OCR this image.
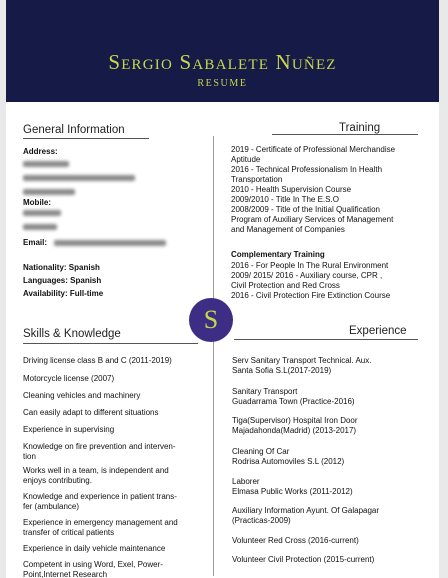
Sergio Sabalete Nuñez
RESUME
S
General Information
Address:
Mobile:
Email:
Nationality: Spanish
Languages: Spanish
Availability: Full-time
Training
2019 - Certificate of Professional Merchandise
Aptitude
2016 - Technical Professionalism In Health
Transportation
2010 - Health Supervision Course
2009/2010 - Title In The E.S.O
2008/2009 - Title of the Initial Qualification
Program of Auxiliary Services of Management
and Management of Companies
Complementary Training
2016 - For People In The Rural Environment
2009/ 2015/ 2016 - Auxiliary course, CPR ,
Civil Protection and Red Cross
2016 - Civil Protection Fire Extinction Course
Skills & Knowledge
Driving license class B and C (2011-2019)
Motorcycle license (2007)
Cleaning vehicles and machinery
Can easily adapt to different situations
Experience in supervising
Knowledge on fire prevention and interven-
tion
Works well in a team, is independent and
enjoys contributing.
Knowledge and experience in patient trans-
fer (ambulance)
Experience in emergency management and
transfer of critical patients
Experience in daily vehicle maintenance
Competent in using Word, Exel, Power-
Point,Internet Research
Experience
Serv Sanitary Transport Technical. Aux.
Santa Sofia S.L(2017-2019)
Sanitary Transport
Guadarrama Town (Practice-2016)
Tiga(Supervisor) Hospital Iron Door
Majadahonda(Madrid) (2013-2017)
Cleaning Of Car
Rodrisa Automoviles S.L (2012)
Laborer
Elmasa Public Works (2011-2012)
Auxiliary Information Ayunt. Of Galapagar
(Practicas-2009)
Volunteer Red Cross (2016-current)
Volunteer Civil Protection (2015-current)
